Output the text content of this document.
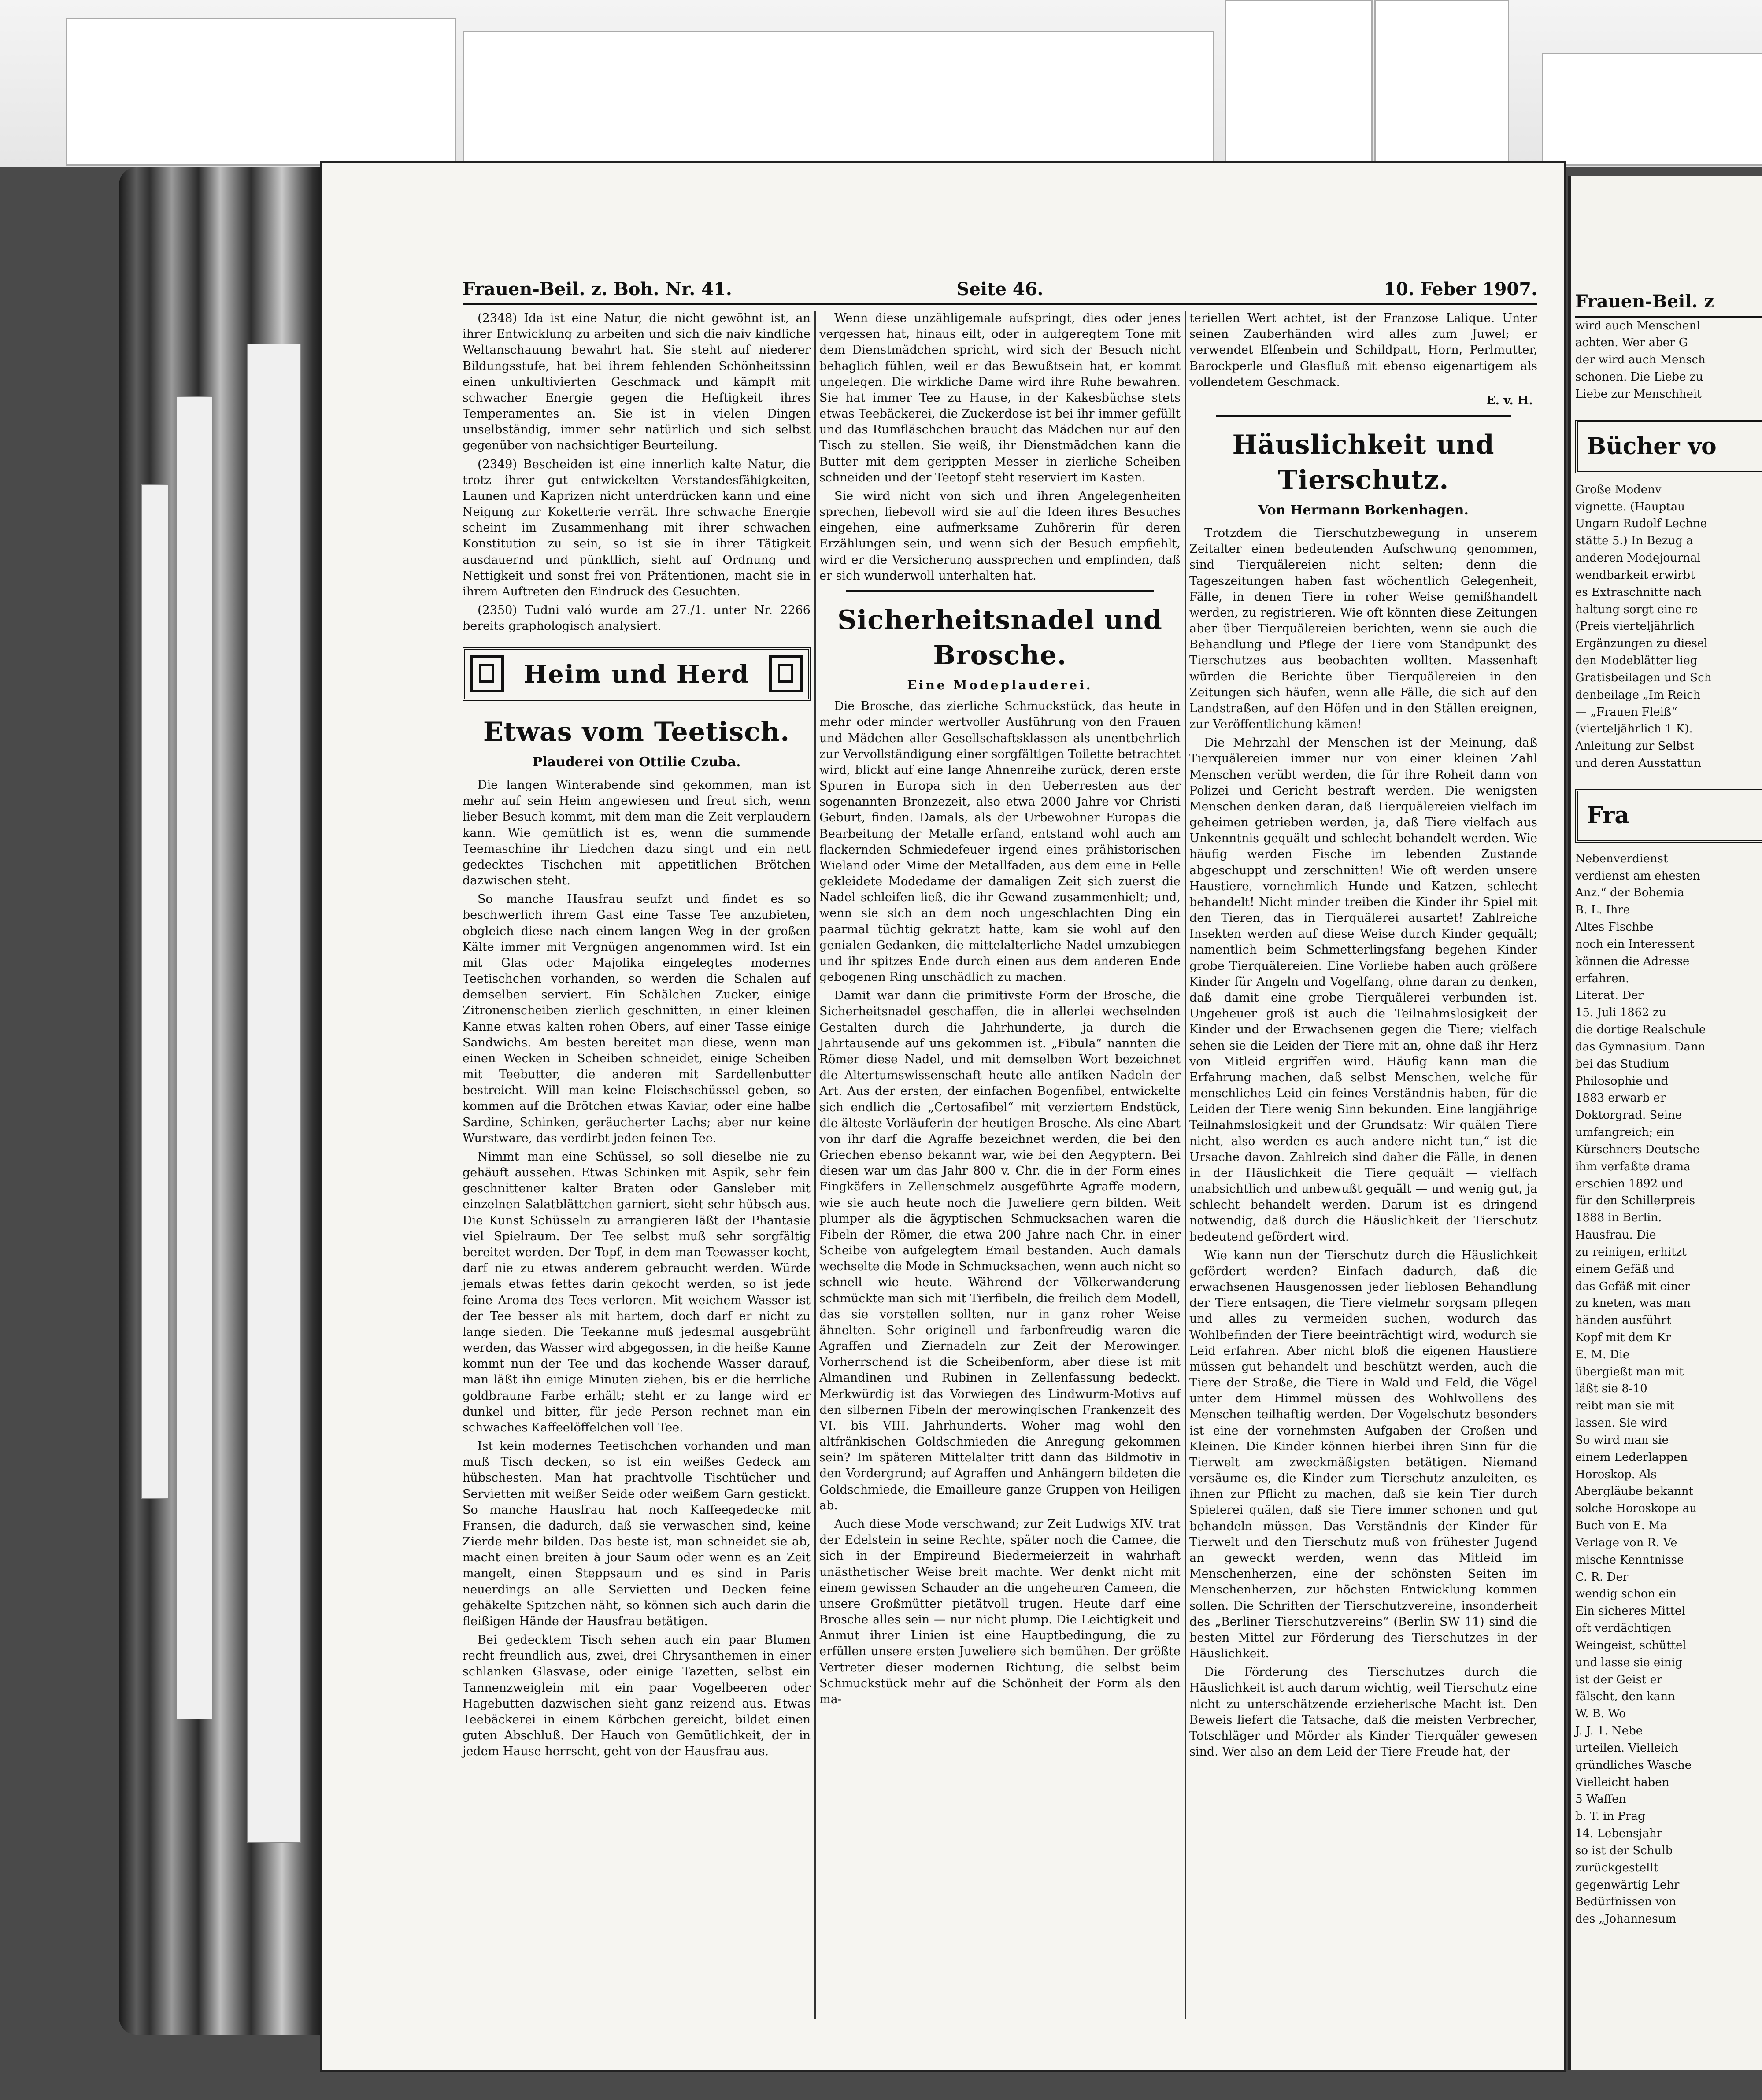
Frauen-Beil. z. Boh. Nr. 41.	Seite 46.	10. Feber 1907.

(2348) Ida ist eine Natur, die nicht gewöhnt ist, an ihrer Entwicklung zu arbeiten und sich die naiv kindliche Weltanschauung bewahrt hat. Sie steht auf niederer Bildungsstufe, hat bei ihrem fehlenden Schönheitssinn einen unkultivierten Geschmack und kämpft mit schwacher Energie gegen die Heftigkeit ihres Temperamentes an. Sie ist in vielen Dingen unselbständig, immer sehr natürlich und sich selbst gegenüber von nachsichtiger Beurteilung.

(2349) Bescheiden ist eine innerlich kalte Natur, die trotz ihrer gut entwickelten Verstandesfähigkeiten, Launen und Kaprizen nicht unterdrücken kann und eine Neigung zur Koketterie verrät. Ihre schwache Energie scheint im Zusammenhang mit ihrer schwachen Konstitution zu sein, so ist sie in ihrer Tätigkeit ausdauernd und pünktlich, sieht auf Ordnung und Nettigkeit und sonst frei von Prätentionen, macht sie in ihrem Auftreten den Eindruck des Gesuchten.

(2350) Tudni való wurde am 27./1. unter Nr. 2266 bereits graphologisch analysiert.

Heim und Herd
Etwas vom Teetisch.
Plauderei von Ottilie Czuba.

Die langen Winterabende sind gekommen, man ist mehr auf sein Heim angewiesen und freut sich, wenn lieber Besuch kommt, mit dem man die Zeit verplaudern kann. Wie gemütlich ist es, wenn die summende Teemaschine ihr Liedchen dazu singt und ein nett gedecktes Tischchen mit appetitlichen Brötchen dazwischen steht.

So manche Hausfrau seufzt und findet es so beschwerlich ihrem Gast eine Tasse Tee anzubieten, obgleich diese nach einem langen Weg in der großen Kälte immer mit Vergnügen angenommen wird. Ist ein mit Glas oder Majolika eingelegtes modernes Teetischchen vorhanden, so werden die Schalen auf demselben serviert. Ein Schälchen Zucker, einige Zitronenscheiben zierlich geschnitten, in einer kleinen Kanne etwas kalten rohen Obers, auf einer Tasse einige Sandwichs. Am besten bereitet man diese, wenn man einen Wecken in Scheiben schneidet, einige Scheiben mit Teebutter, die anderen mit Sardellenbutter bestreicht. Will man keine Fleischschüssel geben, so kommen auf die Brötchen etwas Kaviar, oder eine halbe Sardine, Schinken, geräucherter Lachs; aber nur keine Wurstware, das verdirbt jeden feinen Tee.

Nimmt man eine Schüssel, so soll dieselbe nie zu gehäuft aussehen. Etwas Schinken mit Aspik, sehr fein geschnittener kalter Braten oder Gansleber mit einzelnen Salatblättchen garniert, sieht sehr hübsch aus. Die Kunst Schüsseln zu arrangieren läßt der Phantasie viel Spielraum. Der Tee selbst muß sehr sorgfältig bereitet werden. Der Topf, in dem man Teewasser kocht, darf nie zu etwas anderem gebraucht werden. Würde jemals etwas fettes darin gekocht werden, so ist jede feine Aroma des Tees verloren. Mit weichem Wasser ist der Tee besser als mit hartem, doch darf er nicht zu lange sieden. Die Teekanne muß jedesmal ausgebrüht werden, das Wasser wird abgegossen, in die heiße Kanne kommt nun der Tee und das kochende Wasser darauf, man läßt ihn einige Minuten ziehen, bis er die herrliche goldbraune Farbe erhält; steht er zu lange wird er dunkel und bitter, für jede Person rechnet man ein schwaches Kaffeelöffelchen voll Tee.

Ist kein modernes Teetischchen vorhanden und man muß Tisch decken, so ist ein weißes Gedeck am hübschesten. Man hat prachtvolle Tischtücher und Servietten mit weißer Seide oder weißem Garn gestickt. So manche Hausfrau hat noch Kaffeegedecke mit Fransen, die dadurch, daß sie verwaschen sind, keine Zierde mehr bilden. Das beste ist, man schneidet sie ab, macht einen breiten à jour Saum oder wenn es an Zeit mangelt, einen Steppsaum und es sind in Paris neuerdings an alle Servietten und Decken feine gehäkelte Spitzchen näht, so können sich auch darin die fleißigen Hände der Hausfrau betätigen.

Bei gedecktem Tisch sehen auch ein paar Blumen recht freundlich aus, zwei, drei Chrysanthemen in einer schlanken Glasvase, oder einige Tazetten, selbst ein Tannenzweiglein mit ein paar Vogelbeeren oder Hagebutten dazwischen sieht ganz reizend aus. Etwas Teebäckerei in einem Körbchen gereicht, bildet einen guten Abschluß. Der Hauch von Gemütlichkeit, der in jedem Hause herrscht, geht von der Hausfrau aus.

Wenn diese unzähligemale aufspringt, dies oder jenes vergessen hat, hinaus eilt, oder in aufgeregtem Tone mit dem Dienstmädchen spricht, wird sich der Besuch nicht behaglich fühlen, weil er das Bewußtsein hat, er kommt ungelegen. Die wirkliche Dame wird ihre Ruhe bewahren. Sie hat immer Tee zu Hause, in der Kakesbüchse stets etwas Teebäckerei, die Zuckerdose ist bei ihr immer gefüllt und das Rumfläschchen braucht das Mädchen nur auf den Tisch zu stellen. Sie weiß, ihr Dienstmädchen kann die Butter mit dem gerippten Messer in zierliche Scheiben schneiden und der Teetopf steht reserviert im Kasten.

Sie wird nicht von sich und ihren Angelegenheiten sprechen, liebevoll wird sie auf die Ideen ihres Besuches eingehen, eine aufmerksame Zuhörerin für deren Erzählungen sein, und wenn sich der Besuch empfiehlt, wird er die Versicherung aussprechen und empfinden, daß er sich wunderwoll unterhalten hat.

Sicherheitsnadel und Brosche.
Eine Modeplauderei.

Die Brosche, das zierliche Schmuckstück, das heute in mehr oder minder wertvoller Ausführung von den Frauen und Mädchen aller Gesellschaftsklassen als unentbehrlich zur Vervollständigung einer sorgfältigen Toilette betrachtet wird, blickt auf eine lange Ahnenreihe zurück, deren erste Spuren in Europa sich in den Ueberresten aus der sogenannten Bronzezeit, also etwa 2000 Jahre vor Christi Geburt, finden. Damals, als der Urbewohner Europas die Bearbeitung der Metalle erfand, entstand wohl auch am flackernden Schmiedefeuer irgend eines prähistorischen Wieland oder Mime der Metallfaden, aus dem eine in Felle gekleidete Modedame der damaligen Zeit sich zuerst die Nadel schleifen ließ, die ihr Gewand zusammenhielt; und, wenn sie sich an dem noch ungeschlachten Ding ein paarmal tüchtig gekratzt hatte, kam sie wohl auf den genialen Gedanken, die mittelalterliche Nadel umzubiegen und ihr spitzes Ende durch einen aus dem anderen Ende gebogenen Ring unschädlich zu machen.

Damit war dann die primitivste Form der Brosche, die Sicherheitsnadel geschaffen, die in allerlei wechselnden Gestalten durch die Jahrhunderte, ja durch die Jahrtausende auf uns gekommen ist. „Fibula“ nannten die Römer diese Nadel, und mit demselben Wort bezeichnet die Altertumswissenschaft heute alle antiken Nadeln der Art. Aus der ersten, der einfachen Bogenfibel, entwickelte sich endlich die „Certosafibel“ mit verziertem Endstück, die älteste Vorläuferin der heutigen Brosche. Als eine Abart von ihr darf die Agraffe bezeichnet werden, die bei den Griechen ebenso bekannt war, wie bei den Aegyptern. Bei diesen war um das Jahr 800 v. Chr. die in der Form eines Fingkäfers in Zellenschmelz ausgeführte Agraffe modern, wie sie auch heute noch die Juweliere gern bilden. Weit plumper als die ägyptischen Schmucksachen waren die Fibeln der Römer, die etwa 200 Jahre nach Chr. in einer Scheibe von aufgelegtem Email bestanden. Auch damals wechselte die Mode in Schmucksachen, wenn auch nicht so schnell wie heute. Während der Völkerwanderung schmückte man sich mit Tierfibeln, die freilich dem Modell, das sie vorstellen sollten, nur in ganz roher Weise ähnelten. Sehr originell und farbenfreudig waren die Agraffen und Ziernadeln zur Zeit der Merowinger. Vorherrschend ist die Scheibenform, aber diese ist mit Almandinen und Rubinen in Zellenfassung bedeckt. Merkwürdig ist das Vorwiegen des Lindwurm-Motivs auf den silbernen Fibeln der merowingischen Frankenzeit des VI. bis VIII. Jahrhunderts. Woher mag wohl den altfränkischen Goldschmieden die Anregung gekommen sein? Im späteren Mittelalter tritt dann das Bildmotiv in den Vordergrund; auf Agraffen und Anhängern bildeten die Goldschmiede, die Emailleure ganze Gruppen von Heiligen ab.

Auch diese Mode verschwand; zur Zeit Ludwigs XIV. trat der Edelstein in seine Rechte, später noch die Camee, die sich in der Empireund Biedermeierzeit in wahrhaft unästhetischer Weise breit machte. Wer denkt nicht mit einem gewissen Schauder an die ungeheuren Cameen, die unsere Großmütter pietätvoll trugen. Heute darf eine Brosche alles sein — nur nicht plump. Die Leichtigkeit und Anmut ihrer Linien ist eine Hauptbedingung, die zu erfüllen unsere ersten Juweliere sich bemühen. Der größte Vertreter dieser modernen Richtung, die selbst beim Schmuckstück mehr auf die Schönheit der Form als den ma-

teriellen Wert achtet, ist der Franzose Lalique. Unter seinen Zauberhänden wird alles zum Juwel; er verwendet Elfenbein und Schildpatt, Horn, Perlmutter, Barockperle und Glasfluß mit ebenso eigenartigem als vollendetem Geschmack.

E. v. H.
Häuslichkeit und Tierschutz.
Von Hermann Borkenhagen.

Trotzdem die Tierschutzbewegung in unserem Zeitalter einen bedeutenden Aufschwung genommen, sind Tierquälereien nicht selten; denn die Tageszeitungen haben fast wöchentlich Gelegenheit, Fälle, in denen Tiere in roher Weise gemißhandelt werden, zu registrieren. Wie oft könnten diese Zeitungen aber über Tierquälereien berichten, wenn sie auch die Behandlung und Pflege der Tiere vom Standpunkt des Tierschutzes aus beobachten wollten. Massenhaft würden die Berichte über Tierquälereien in den Zeitungen sich häufen, wenn alle Fälle, die sich auf den Landstraßen, auf den Höfen und in den Ställen ereignen, zur Veröffentlichung kämen!

Die Mehrzahl der Menschen ist der Meinung, daß Tierquälereien immer nur von einer kleinen Zahl Menschen verübt werden, die für ihre Roheit dann von Polizei und Gericht bestraft werden. Die wenigsten Menschen denken daran, daß Tierquälereien vielfach im geheimen getrieben werden, ja, daß Tiere vielfach aus Unkenntnis gequält und schlecht behandelt werden. Wie häufig werden Fische im lebenden Zustande abgeschuppt und zerschnitten! Wie oft werden unsere Haustiere, vornehmlich Hunde und Katzen, schlecht behandelt! Nicht minder treiben die Kinder ihr Spiel mit den Tieren, das in Tierquälerei ausartet! Zahlreiche Insekten werden auf diese Weise durch Kinder gequält; namentlich beim Schmetterlingsfang begehen Kinder grobe Tierquälereien. Eine Vorliebe haben auch größere Kinder für Angeln und Vogelfang, ohne daran zu denken, daß damit eine grobe Tierquälerei verbunden ist. Ungeheuer groß ist auch die Teilnahmslosigkeit der Kinder und der Erwachsenen gegen die Tiere; vielfach sehen sie die Leiden der Tiere mit an, ohne daß ihr Herz von Mitleid ergriffen wird. Häufig kann man die Erfahrung machen, daß selbst Menschen, welche für menschliches Leid ein feines Verständnis haben, für die Leiden der Tiere wenig Sinn bekunden. Eine langjährige Teilnahmslosigkeit und der Grundsatz: Wir quälen Tiere nicht, also werden es auch andere nicht tun,“ ist die Ursache davon. Zahlreich sind daher die Fälle, in denen in der Häuslichkeit die Tiere gequält — vielfach unabsichtlich und unbewußt gequält — und wenig gut, ja schlecht behandelt werden. Darum ist es dringend notwendig, daß durch die Häuslichkeit der Tierschutz bedeutend gefördert wird.

Wie kann nun der Tierschutz durch die Häuslichkeit gefördert werden? Einfach dadurch, daß die erwachsenen Hausgenossen jeder lieblosen Behandlung der Tiere entsagen, die Tiere vielmehr sorgsam pflegen und alles zu vermeiden suchen, wodurch das Wohlbefinden der Tiere beeinträchtigt wird, wodurch sie Leid erfahren. Aber nicht bloß die eigenen Haustiere müssen gut behandelt und beschützt werden, auch die Tiere der Straße, die Tiere in Wald und Feld, die Vögel unter dem Himmel müssen des Wohlwollens des Menschen teilhaftig werden. Der Vogelschutz besonders ist eine der vornehmsten Aufgaben der Großen und Kleinen. Die Kinder können hierbei ihren Sinn für die Tierwelt am zweckmäßigsten betätigen. Niemand versäume es, die Kinder zum Tierschutz anzuleiten, es ihnen zur Pflicht zu machen, daß sie kein Tier durch Spielerei quälen, daß sie Tiere immer schonen und gut behandeln müssen. Das Verständnis der Kinder für Tierwelt und den Tierschutz muß von frühester Jugend an geweckt werden, wenn das Mitleid im Menschenherzen, eine der schönsten Seiten im Menschenherzen, zur höchsten Entwicklung kommen sollen. Die Schriften der Tierschutzvereine, insonderheit des „Berliner Tierschutzvereins“ (Berlin SW 11) sind die besten Mittel zur Förderung des Tierschutzes in der Häuslichkeit.

Die Förderung des Tierschutzes durch die Häuslichkeit ist auch darum wichtig, weil Tierschutz eine nicht zu unterschätzende erzieherische Macht ist. Den Beweis liefert die Tatsache, daß die meisten Verbrecher, Totschläger und Mörder als Kinder Tierquäler gewesen sind. Wer also an dem Leid der Tiere Freude hat, der

Frauen-Beil. z

wird auch Menschenl

achten. Wer aber G

der wird auch Mensch

schonen. Die Liebe zu

Liebe zur Menschheit

Bücher vo

Große Modenv

vignette. (Hauptau

Ungarn Rudolf Lechne

stätte 5.) In Bezug a

anderen Modejournal

wendbarkeit erwirbt

es Extraschnitte nach

haltung sorgt eine re

(Preis vierteljährlich

Ergänzungen zu diesel

den Modeblätter lieg

Gratisbeilagen und Sch

denbeilage „Im Reich

— „Frauen Fleiß“

(vierteljährlich 1 K).

Anleitung zur Selbst

und deren Ausstattun

Fra

Nebenverdienst

verdienst am ehesten

Anz.“ der Bohemia

B. L. Ihre

Altes Fischbe

noch ein Interessent

können die Adresse

erfahren.

Literat. Der

15. Juli 1862 zu

die dortige Realschule

das Gymnasium. Dann

bei das Studium

Philosophie und

1883 erwarb er

Doktorgrad. Seine

umfangreich; ein

Kürschners Deutsche

ihm verfaßte drama

erschien 1892 und

für den Schillerpreis

1888 in Berlin.

Hausfrau. Die

zu reinigen, erhitzt

einem Gefäß und

das Gefäß mit einer

zu kneten, was man

händen ausführt

Kopf mit dem Kr

E. M. Die

übergießt man mit

läßt sie 8-10

reibt man sie mit

lassen. Sie wird

So wird man sie

einem Lederlappen

Horoskop. Als

Abergläube bekannt

solche Horoskope au

Buch von E. Ma

Verlage von R. Ve

mische Kenntnisse

C. R. Der

wendig schon ein

Ein sicheres Mittel

oft verdächtigen

Weingeist, schüttel

und lasse sie einig

ist der Geist er

fälscht, den kann

W. B. Wo

J. J. 1. Nebe

urteilen. Vielleich

gründliches Wasche

Vielleicht haben

5 Waffen

b. T. in Prag

14. Lebensjahr

so ist der Schulb

zurückgestellt

gegenwärtig Lehr

Bedürfnissen von

des „Johannesum
